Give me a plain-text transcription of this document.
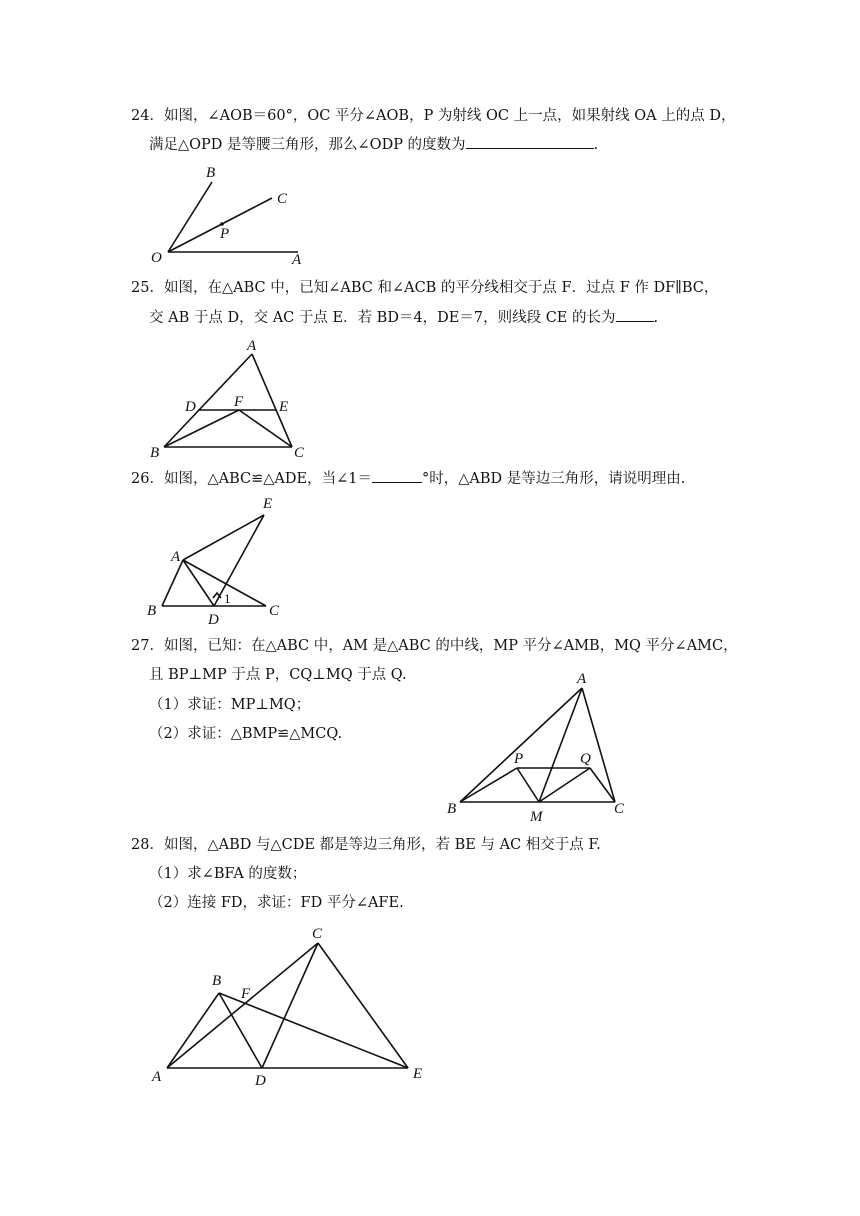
24．如图，∠AOB＝60°，OC 平分∠AOB，P 为射线 OC 上一点，如果射线 OA 上的点 D，
满足△OPD 是等腰三角形，那么∠ODP 的度数为	.
B
C
P
O	A
25．如图，在△ABC 中，已知∠ABC 和∠ACB 的平分线相交于点 F．过点 F 作 DF∥BC，
交 AB 于点 D，交 AC 于点 E．若 BD＝4，DE＝7，则线段 CE 的长为	.
A
D	F E
B	C
26．如图，△ABC≌△ADE，当∠1＝	°时，△ABD 是等边三角形，请说明理由.
E
A
B
D
1
C
27．如图，已知：在△ABC 中，AM 是△ABC 的中线，MP 平分∠AMB，MQ 平分∠AMC，
且 BP⊥MP 于点 P，CQ⊥MQ 于点 Q.
（1）求证：MP⊥MQ；
（2）求证：△BMP≌△MCQ.
A
P	Q
B	M	C
28．如图，△ABD 与△CDE 都是等边三角形，若 BE 与 AC 相交于点 F.
（1）求∠BFA 的度数；
（2）连接 FD，求证：FD 平分∠AFE.
C
B
F
A	D	E
